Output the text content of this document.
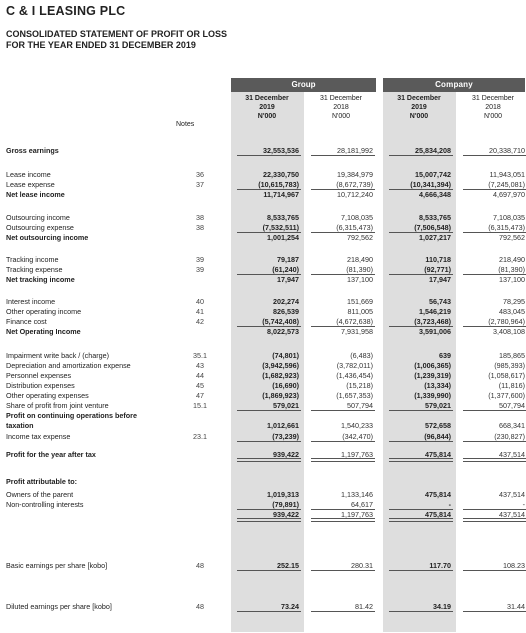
C & I LEASING PLC
CONSOLIDATED STATEMENT OF PROFIT OR LOSS
FOR THE YEAR ENDED 31 DECEMBER 2019
Group	Company
31 December
2019
N'000
31 December
2018
N'000
31 December
2019
N'000
31 December
2018
N'000
Notes
Gross earnings	32,553,536	28,181,992	25,834,208	20,338,710
Lease income	36	22,330,750	19,384,979	15,007,742	11,943,051
Lease expense	37	(10,615,783)	(8,672,739)	(10,341,394)	(7,245,081)
Net lease income	11,714,967	10,712,240	4,666,348	4,697,970
Outsourcing income	38	8,533,765	7,108,035	8,533,765	7,108,035
Outsourcing expense	38	(7,532,511)	(6,315,473)	(7,506,548)	(6,315,473)
Net outsourcing income	1,001,254	792,562	1,027,217	792,562
Tracking income	39	79,187	218,490	110,718	218,490
Tracking expense	39	(61,240)	(81,390)	(92,771)	(81,390)
Net tracking income	17,947	137,100	17,947	137,100
Interest income	40	202,274	151,669	56,743	78,295
Other operating income	41	826,539	811,005	1,546,219	483,045
Finance cost	42	(5,742,408)	(4,672,638)	(3,723,468)	(2,780,964)
Net Operating Income	8,022,573	7,931,958	3,591,006	3,408,108
Impairment write back / (charge)	35.1	(74,801)	(6,483)	639	185,865
Depreciation and amortization expense	43	(3,942,596)	(3,782,011)	(1,006,365)	(985,393)
Personnel expenses	44	(1,682,923)	(1,436,454)	(1,239,319)	(1,058,617)
Distribution expenses	45	(16,690)	(15,218)	(13,334)	(11,816)
Other operating expenses	47	(1,869,923)	(1,657,353)	(1,339,990)	(1,377,600)
Share of profit from joint venture	15.1	579,021	507,794	579,021	507,794
Profit on continuing operations before
taxation	1,012,661	1,540,233	572,658	668,341
Income tax expense	23.1	(73,239)	(342,470)	(96,844)	(230,827)
Profit for the year after tax	939,422	1,197,763	475,814	437,514
Profit attributable to:
Owners of the parent	1,019,313	1,133,146	475,814	437,514
Non-controlling interests	(79,891)	64,617	-	-
939,422	1,197,763	475,814	437,514
Basic earnings per share [kobo]	48	252.15	280.31	117.70	108.23
Diluted earnings per share [kobo]	48	73.24	81.42	34.19	31.44
